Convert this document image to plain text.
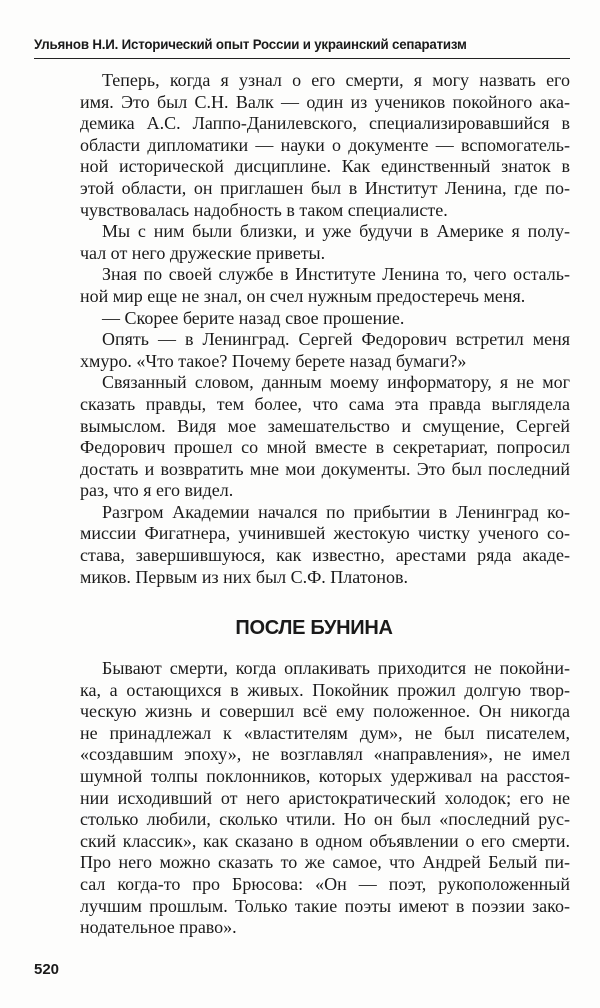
Ульянов Н.И. Исторический опыт России и украинский сепаратизм

Теперь, когда я узнал о его смерти, я могу назвать его
имя. Это был С.Н. Валк — один из учеников покойного ака-
демика А.С. Лаппо-Данилевского, специализировавшийся в
области дипломатики — науки о документе — вспомогатель-
ной исторической дисциплине. Как единственный знаток в
этой области, он приглашен был в Институт Ленина, где по-
чувствовалась надобность в таком специалисте.

Мы с ним были близки, и уже будучи в Америке я полу-
чал от него дружеские приветы.

Зная по своей службе в Институте Ленина то, чего осталь-
ной мир еще не знал, он счел нужным предостеречь меня.

— Скорее берите назад свое прошение.

Опять — в Ленинград. Сергей Федорович встретил меня
хмуро. «Что такое? Почему берете назад бумаги?»

Связанный словом, данным моему информатору, я не мог
сказать правды, тем более, что сама эта правда выглядела
вымыслом. Видя мое замешательство и смущение, Сергей
Федорович прошел со мной вместе в секретариат, попросил
достать и возвратить мне мои документы. Это был последний
раз, что я его видел.

Разгром Академии начался по прибытии в Ленинград ко-
миссии Фигатнера, учинившей жестокую чистку ученого со-
става, завершившуюся, как известно, арестами ряда акаде-
миков. Первым из них был С.Ф. Платонов.

ПОСЛЕ БУНИНА

Бывают смерти, когда оплакивать приходится не покойни-
ка, а остающихся в живых. Покойник прожил долгую твор-
ческую жизнь и совершил всё ему положенное. Он никогда
не принадлежал к «властителям дум», не был писателем,
«создавшим эпоху», не возглавлял «направления», не имел
шумной толпы поклонников, которых удерживал на расстоя-
нии исходивший от него аристократический холодок; его не
столько любили, сколько чтили. Но он был «последний рус-
ский классик», как сказано в одном объявлении о его смерти.
Про него можно сказать то же самое, что Андрей Белый пи-
сал когда-то про Брюсова: «Он — поэт, рукоположенный
лучшим прошлым. Только такие поэты имеют в поэзии зако-
нодательное право».

520
